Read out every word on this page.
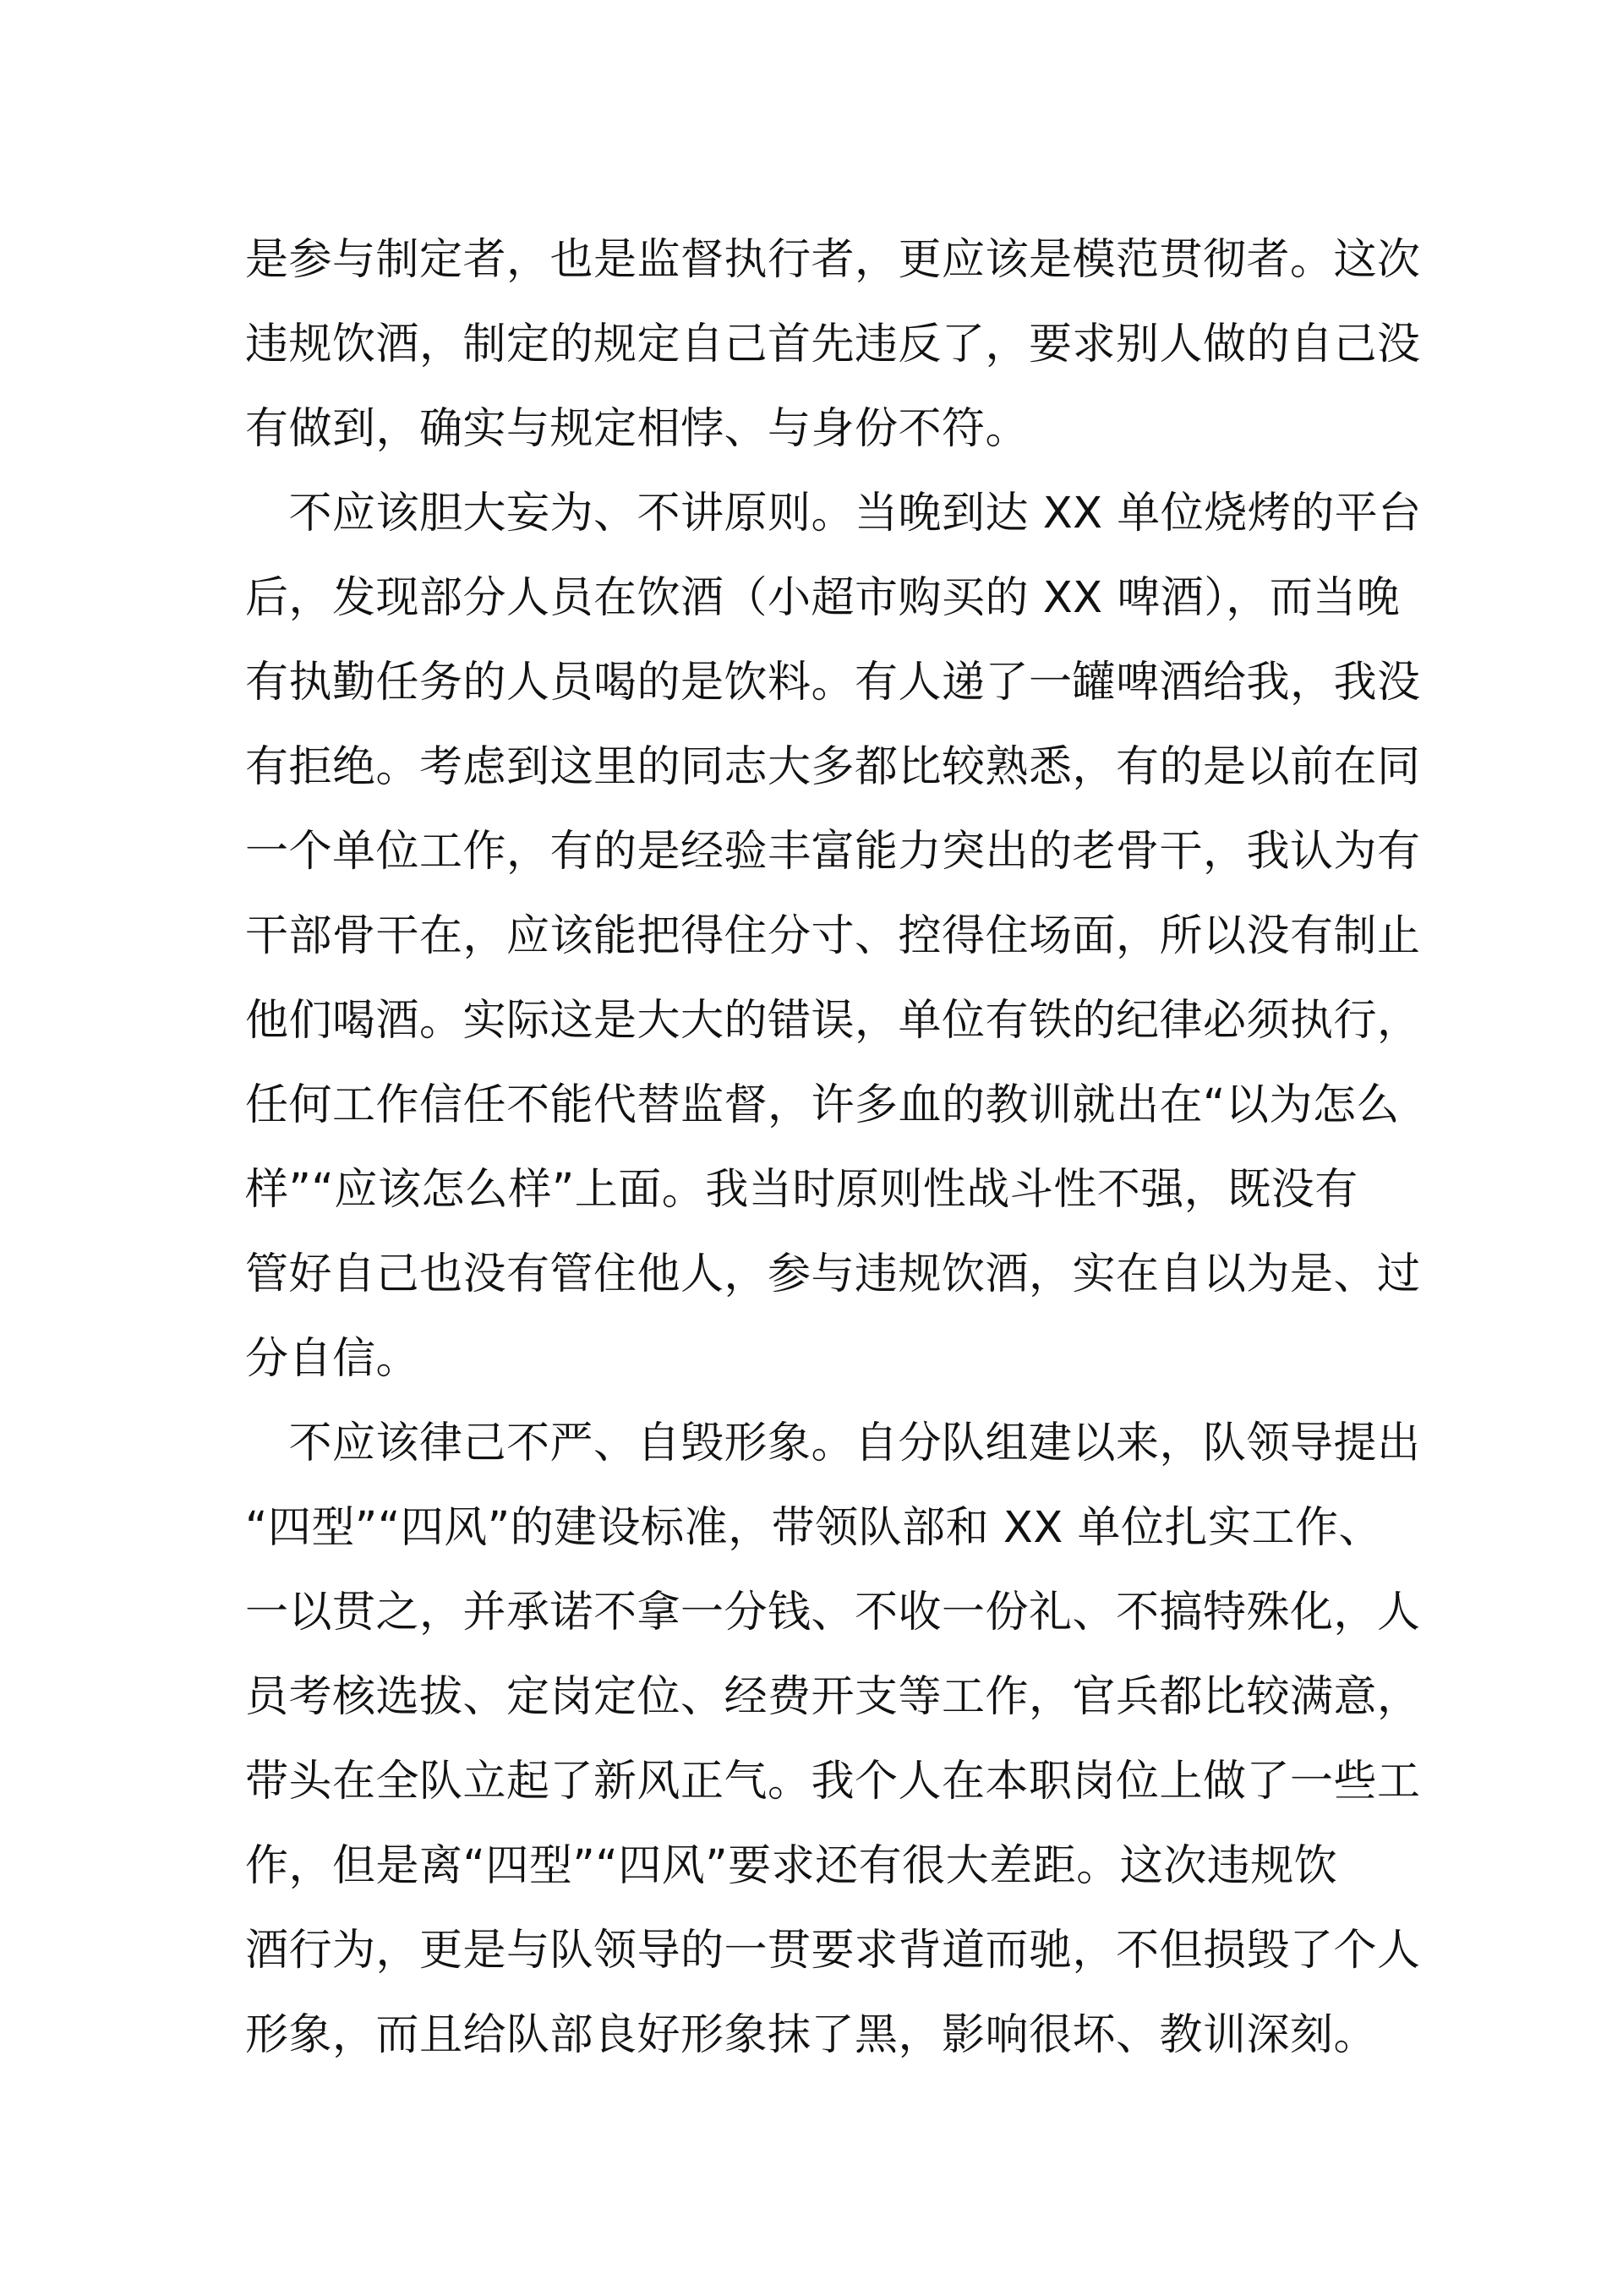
是参与制定者，也是监督执行者，更应该是模范贯彻者。这次
违规饮酒，制定的规定自己首先违反了，要求别人做的自己没
有做到，确实与规定相悖、与身份不符。
　不应该胆大妄为、不讲原则。当晚到达 XX 单位烧烤的平台
后，发现部分人员在饮酒（小超市购买的 XX 啤酒），而当晚
有执勤任务的人员喝的是饮料。有人递了一罐啤酒给我，我没
有拒绝。考虑到这里的同志大多都比较熟悉，有的是以前在同
一个单位工作，有的是经验丰富能力突出的老骨干，我认为有
干部骨干在，应该能把得住分寸、控得住场面，所以没有制止
他们喝酒。实际这是大大的错误，单位有铁的纪律必须执行，
任何工作信任不能代替监督，许多血的教训就出在“以为怎么
样”“应该怎么样”上面。我当时原则性战斗性不强，既没有
管好自己也没有管住他人，参与违规饮酒，实在自以为是、过
分自信。
　不应该律己不严、自毁形象。自分队组建以来，队领导提出
“四型”“四风”的建设标准，带领队部和 XX 单位扎实工作、
一以贯之，并承诺不拿一分钱、不收一份礼、不搞特殊化，人
员考核选拔、定岗定位、经费开支等工作，官兵都比较满意，
带头在全队立起了新风正气。我个人在本职岗位上做了一些工
作，但是离“四型”“四风”要求还有很大差距。这次违规饮
酒行为，更是与队领导的一贯要求背道而驰，不但损毁了个人
形象，而且给队部良好形象抹了黑，影响很坏、教训深刻。
